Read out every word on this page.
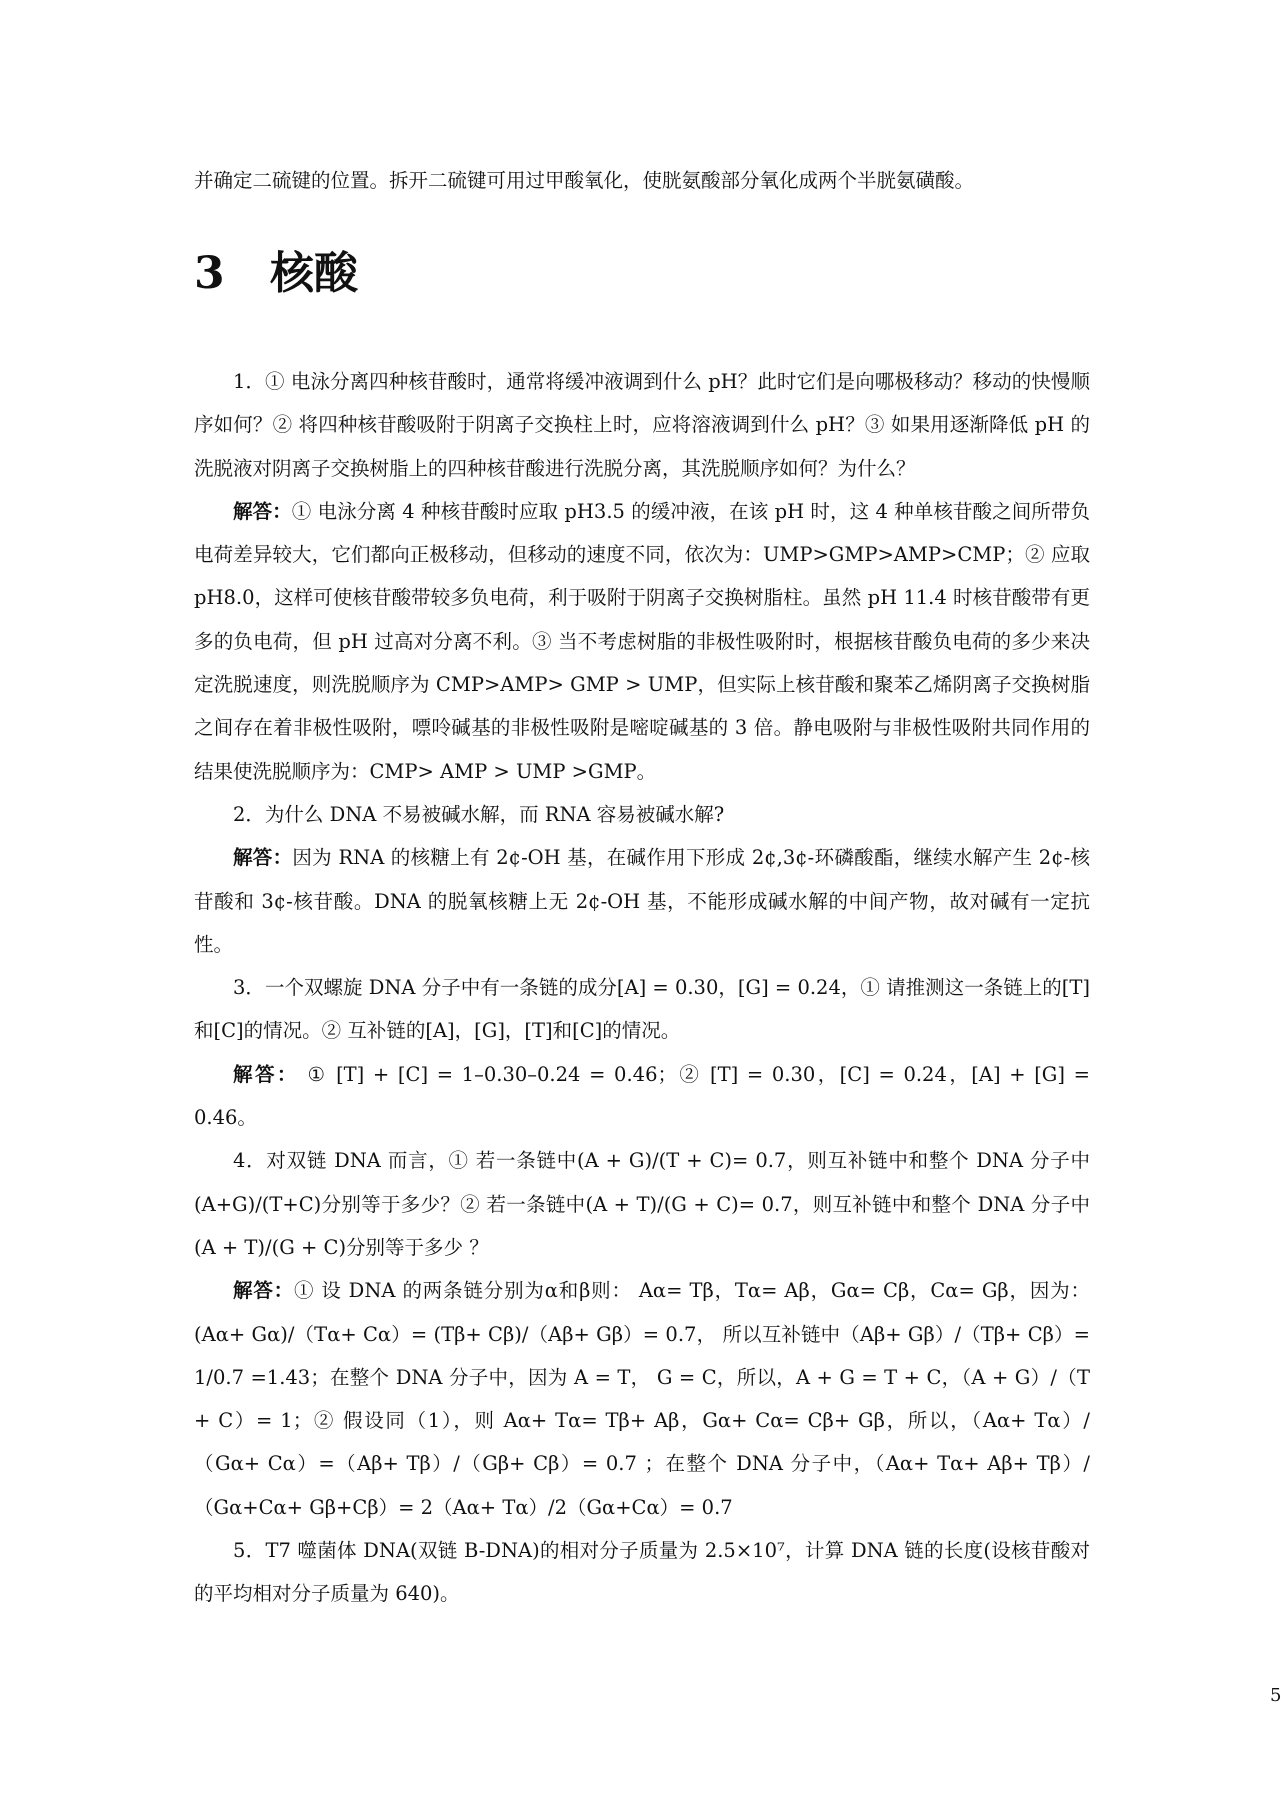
并确定二硫键的位置。拆开二硫键可用过甲酸氧化，使胱氨酸部分氧化成两个半胱氨磺酸。
3 核酸

1．① 电泳分离四种核苷酸时，通常将缓冲液调到什么 pH？此时它们是向哪极移动？移动的快慢顺序如何？② 将四种核苷酸吸附于阴离子交换柱上时，应将溶液调到什么 pH？③ 如果用逐渐降低 pH 的洗脱液对阴离子交换树脂上的四种核苷酸进行洗脱分离，其洗脱顺序如何？为什么？

解答：① 电泳分离 4 种核苷酸时应取 pH3.5 的缓冲液，在该 pH 时，这 4 种单核苷酸之间所带负电荷差异较大，它们都向正极移动，但移动的速度不同，依次为：UMP>GMP>AMP>CMP；② 应取 pH8.0，这样可使核苷酸带较多负电荷，利于吸附于阴离子交换树脂柱。虽然 pH 11.4 时核苷酸带有更多的负电荷，但 pH 过高对分离不利。③ 当不考虑树脂的非极性吸附时，根据核苷酸负电荷的多少来决定洗脱速度，则洗脱顺序为 CMP>AMP> GMP > UMP，但实际上核苷酸和聚苯乙烯阴离子交换树脂之间存在着非极性吸附，嘌呤碱基的非极性吸附是嘧啶碱基的 3 倍。静电吸附与非极性吸附共同作用的结果使洗脱顺序为：CMP> AMP > UMP >GMP。

2．为什么 DNA 不易被碱水解，而 RNA 容易被碱水解?

解答：因为 RNA 的核糖上有 2¢-OH 基，在碱作用下形成 2¢,3¢-环磷酸酯，继续水解产生 2¢-核苷酸和 3¢-核苷酸。DNA 的脱氧核糖上无 2¢-OH 基，不能形成碱水解的中间产物，故对碱有一定抗性。

3．一个双螺旋 DNA 分子中有一条链的成分[A] = 0.30，[G] = 0.24，① 请推测这一条链上的[T]和[C]的情况。② 互补链的[A]，[G]，[T]和[C]的情况。

解答： ① [T] + [C] = 1–0.30–0.24 = 0.46；② [T] = 0.30，[C] = 0.24，[A] + [G] = 0.46。

4．对双链 DNA 而言，① 若一条链中(A + G)/(T + C)= 0.7，则互补链中和整个 DNA 分子中(A+G)/(T+C)分别等于多少？② 若一条链中(A + T)/(G + C)= 0.7，则互补链中和整个 DNA 分子中(A + T)/(G + C)分别等于多少 ？

解答：① 设 DNA 的两条链分别为α和β则： Aα= Tβ，Tα= Aβ，Gα= Cβ，Cα= Gβ，因为：(Aα+ Gα)/（Tα+ Cα）= (Tβ+ Cβ)/（Aβ+ Gβ）= 0.7， 所以互补链中（Aβ+ Gβ）/（Tβ+ Cβ）= 1/0.7 =1.43；在整个 DNA 分子中，因为 A = T， G = C，所以，A + G = T + C，（A + G）/（T + C）= 1；② 假设同（1），则 Aα+ Tα= Tβ+ Aβ，Gα+ Cα= Cβ+ Gβ，所以，（Aα+ Tα）/（Gα+ Cα）=（Aβ+ Tβ）/（Gβ+ Cβ）= 0.7 ；在整个 DNA 分子中，（Aα+ Tα+ Aβ+ Tβ）/（Gα+Cα+ Gβ+Cβ）= 2（Aα+ Tα）/2（Gα+Cα）= 0.7

5．T7 噬菌体 DNA(双链 B-DNA)的相对分子质量为 2.5×10⁷，计算 DNA 链的长度(设核苷酸对的平均相对分子质量为 640)。

5
